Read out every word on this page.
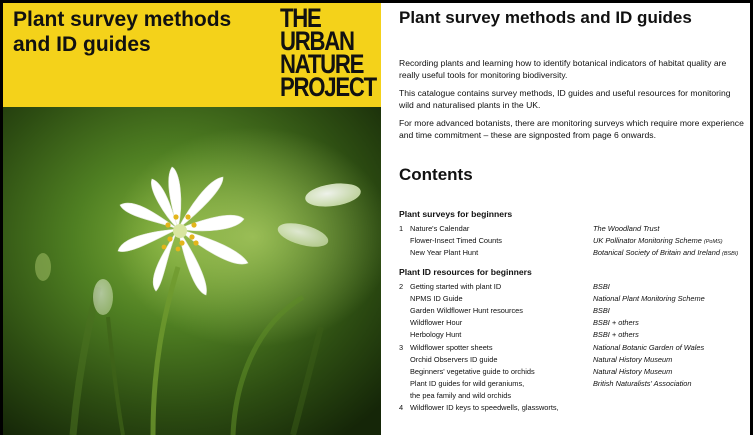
Plant survey methods and ID guides
THE
URBAN
NATURE
PROJECT
Plant survey methods and ID guides

Recording plants and learning how to identify botanical indicators of habitat quality are really useful tools for monitoring biodiversity.

This catalogue contains survey methods, ID guides and useful resources for monitoring wild and naturalised plants in the UK.

For more advanced botanists, there are monitoring surveys which require more experience and time commitment – these are signposted from page 6 onwards.

Contents
Plant surveys for beginners
1 Nature's Calendar	The Woodland Trust
Flower-Insect Timed Counts	UK Pollinator Monitoring Scheme (PoMS)
New Year Plant Hunt	Botanical Society of Britain and Ireland (BSBI)
Plant ID resources for beginners
2 Getting started with plant ID	BSBI
NPMS ID Guide	National Plant Monitoring Scheme
Garden Wildflower Hunt resources	BSBI
Wildflower Hour	BSBI + others
Herbology Hunt	BSBI + others
3 Wildflower spotter sheets	National Botanic Garden of Wales
Orchid Observers ID guide	Natural History Museum
Beginners' vegetative guide to orchids	Natural History Museum
Plant ID guides for wild geraniums,	British Naturalists' Association
the pea family and wild orchids
4 Wildflower ID keys to speedwells, glassworts,
